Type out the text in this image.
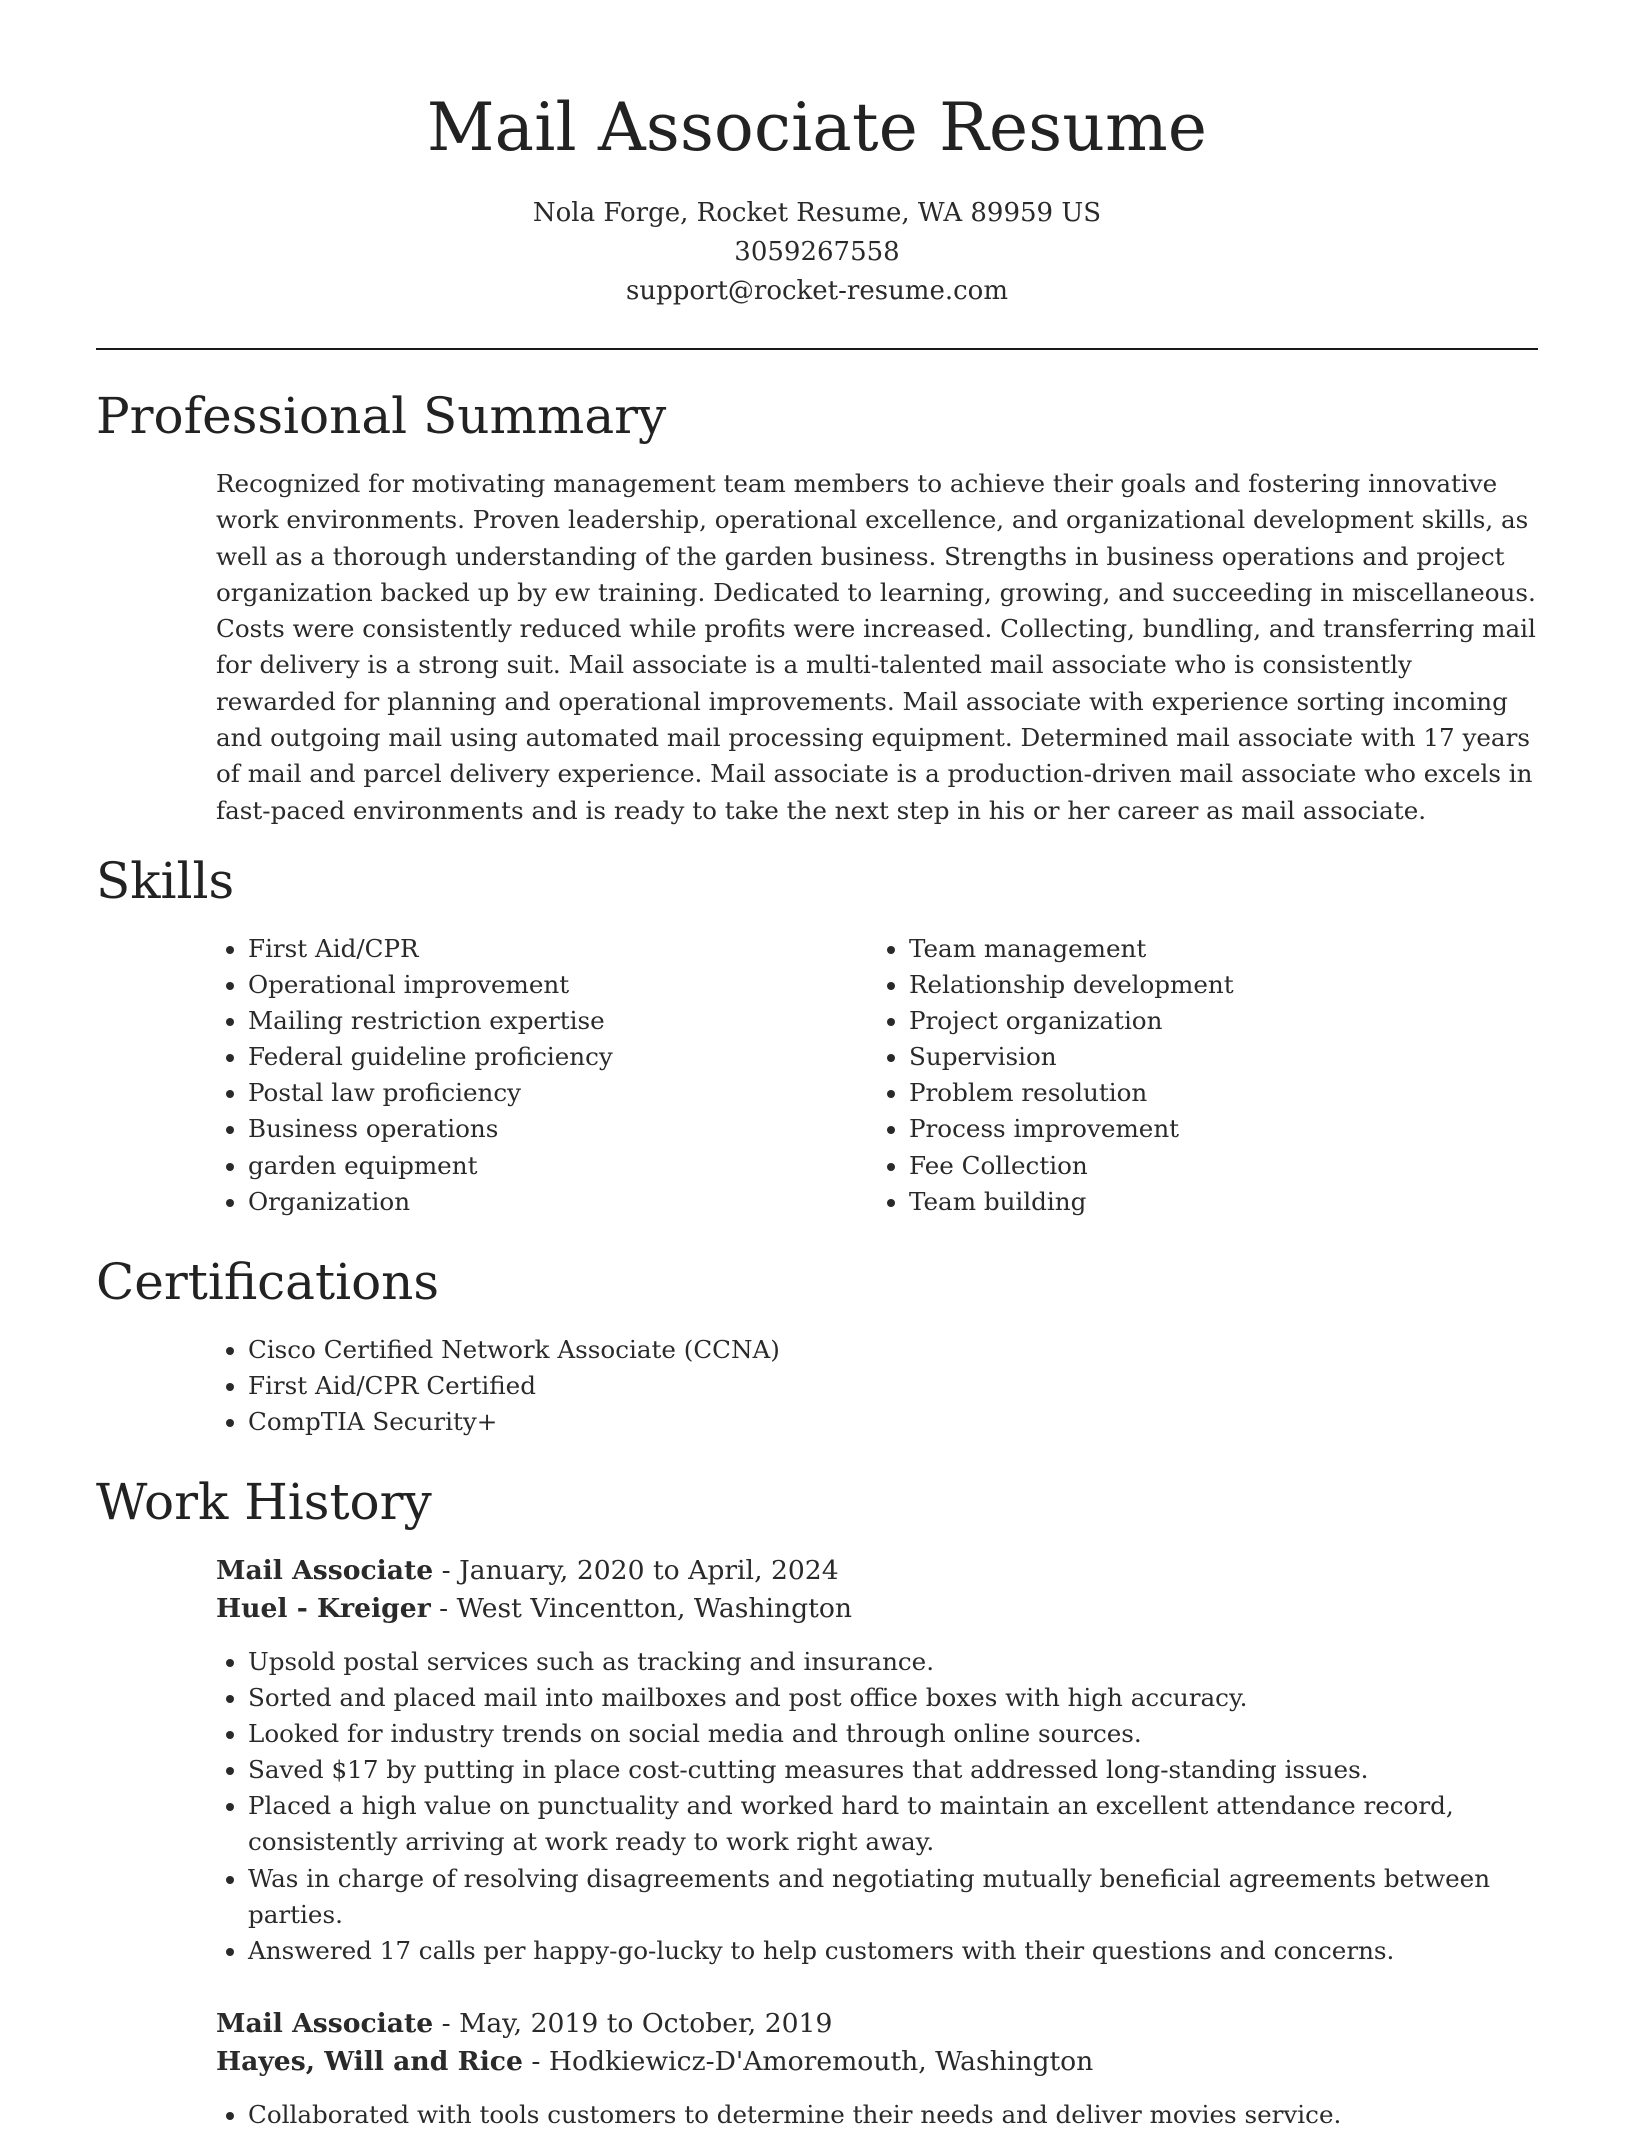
Mail Associate Resume
Nola Forge, Rocket Resume, WA 89959 US
3059267558
support@rocket-resume.com
Professional Summary
Recognized for motivating management team members to achieve their goals and fostering innovative work environments. Proven leadership, operational excellence, and organizational development skills, as well as a thorough understanding of the garden business. Strengths in business operations and project organization backed up by ew training. Dedicated to learning, growing, and succeeding in miscellaneous. Costs were consistently reduced while profits were increased. Collecting, bundling, and transferring mail for delivery is a strong suit. Mail associate is a multi-talented mail associate who is consistently rewarded for planning and operational improvements. Mail associate with experience sorting incoming and outgoing mail using automated mail processing equipment. Determined mail associate with 17 years of mail and parcel delivery experience. Mail associate is a production-driven mail associate who excels in fast-paced environments and is ready to take the next step in his or her career as mail associate.
Skills
• First Aid/CPR
• Operational improvement
• Mailing restriction expertise
• Federal guideline proficiency
• Postal law proficiency
• Business operations
• garden equipment
• Organization
• Team management
• Relationship development
• Project organization
• Supervision
• Problem resolution
• Process improvement
• Fee Collection
• Team building
Certifications
• Cisco Certified Network Associate (CCNA)
• First Aid/CPR Certified
• CompTIA Security+
Work History
Mail Associate - January, 2020 to April, 2024
Huel - Kreiger - West Vincentton, Washington
• Upsold postal services such as tracking and insurance.
• Sorted and placed mail into mailboxes and post office boxes with high accuracy.
• Looked for industry trends on social media and through online sources.
• Saved $17 by putting in place cost-cutting measures that addressed long-standing issues.
• Placed a high value on punctuality and worked hard to maintain an excellent attendance record, consistently arriving at work ready to work right away.
• Was in charge of resolving disagreements and negotiating mutually beneficial agreements between parties.
• Answered 17 calls per happy-go-lucky to help customers with their questions and concerns.
Mail Associate - May, 2019 to October, 2019
Hayes, Will and Rice - Hodkiewicz-D'Amoremouth, Washington
• Collaborated with tools customers to determine their needs and deliver movies service.
